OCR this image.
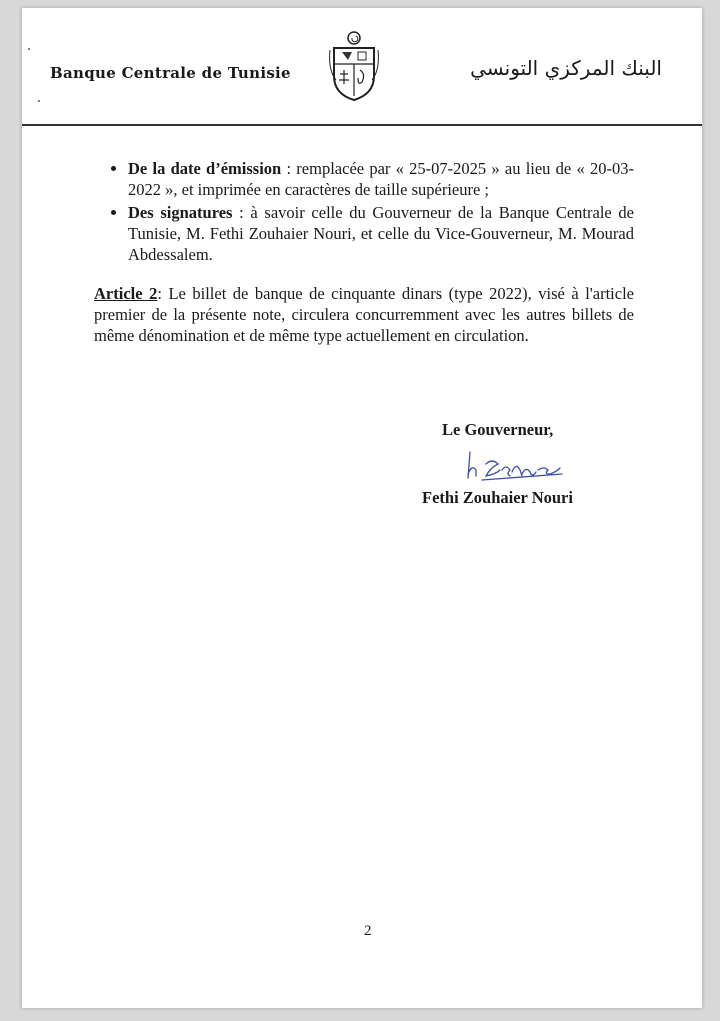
Banque Centrale de Tunisie	البنك المركزي التونسي
• De la date d’émission : remplacée par « 25-07-2025 » au lieu de « 20-03-2022 », et imprimée en caractères de taille supérieure ;
• Des signatures : à savoir celle du Gouverneur de la Banque Centrale de Tunisie, M. Fethi Zouhaier Nouri, et celle du Vice-Gouverneur, M. Mourad Abdessalem.
Article 2: Le billet de banque de cinquante dinars (type 2022), visé à l'article premier de la présente note, circulera concurremment avec les autres billets de même dénomination et de même type actuellement en circulation.
Le Gouverneur,
Fethi Zouhaier Nouri
2
